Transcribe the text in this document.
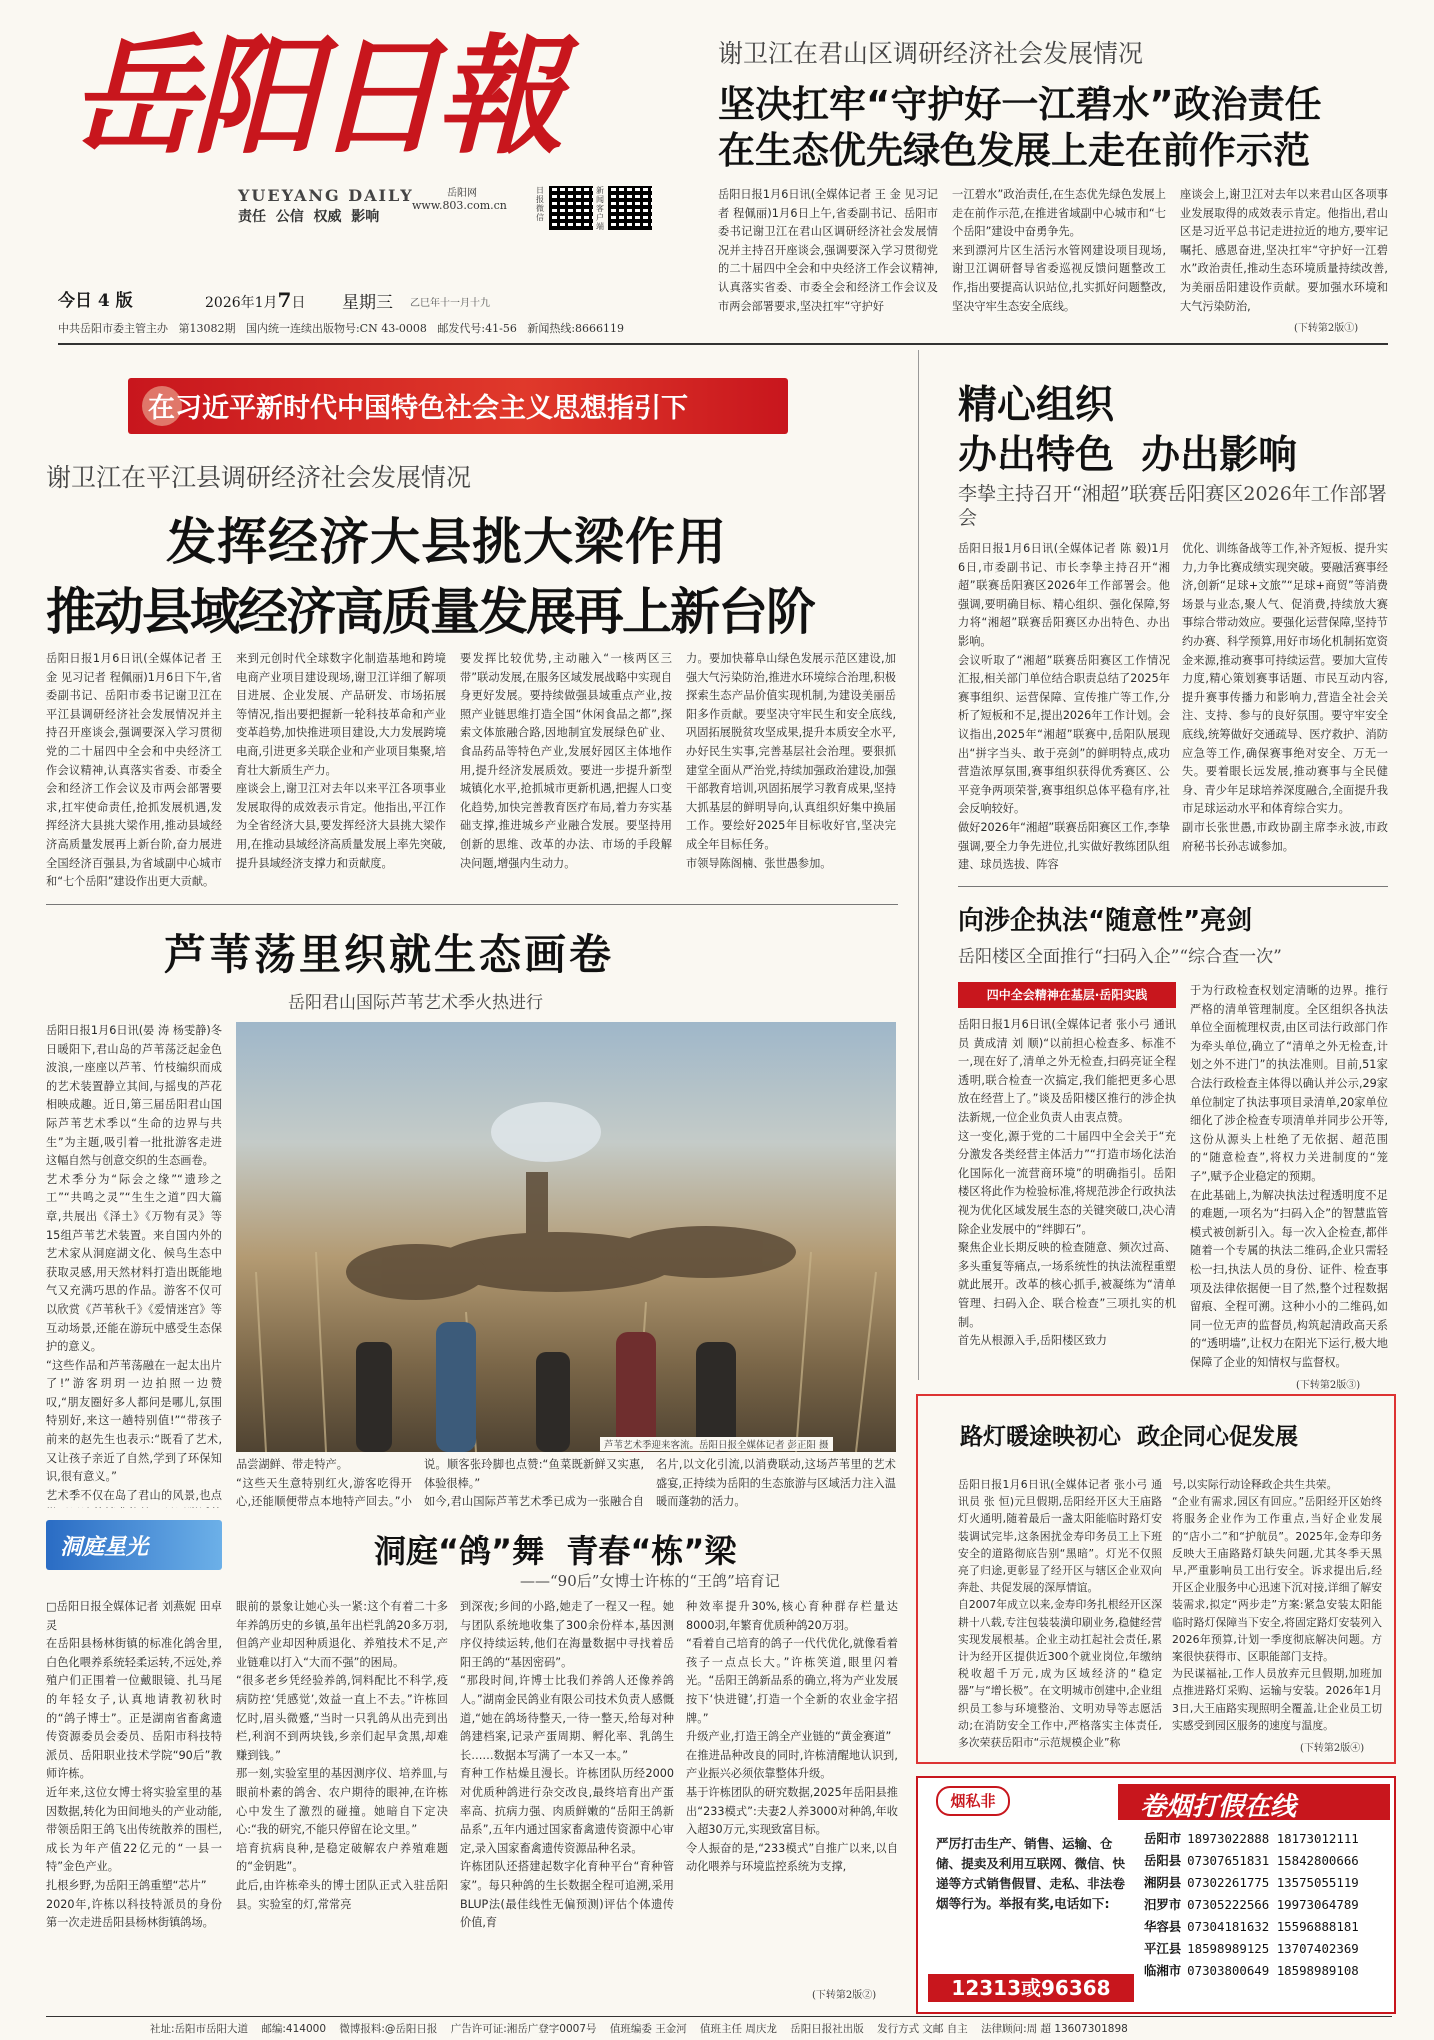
岳阳日報
YUEYANG DAILY
责任  公信  权威  影响
岳阳网
www.803.com.cn
日报微信
新闻客户端
今日 4 版	2026年1月7日 星期三 乙巳年十一月十九
中共岳阳市委主管主办   第13082期   国内统一连续出版物号:CN 43-0008   邮发代号:41-56   新闻热线:8666119
谢卫江在君山区调研经济社会发展情况
坚决扛牢“守护好一江碧水”政治责任
在生态优先绿色发展上走在前作示范
岳阳日报1月6日讯(全媒体记者 王 金 见习记者 程佩丽)1月6日上午,省委副书记、岳阳市委书记谢卫江在君山区调研经济社会发展情况并主持召开座谈会,强调要深入学习贯彻党的二十届四中全会和中央经济工作会议精神,认真落实省委、市委全会和经济工作会议及市两会部署要求,坚决扛牢“守护好
一江碧水”政治责任,在生态优先绿色发展上走在前作示范,在推进省域副中心城市和“七个岳阳”建设中奋勇争先。
来到漂河片区生活污水管网建设项目现场,谢卫江调研督导省委巡视反馈问题整改工作,指出要提高认识站位,扎实抓好问题整改,坚决守牢生态安全底线。
座谈会上,谢卫江对去年以来君山区各项事业发展取得的成效表示肯定。他指出,君山区是习近平总书记走进拉近的地方,要牢记嘱托、感恩奋进,坚决扛牢“守护好一江碧水”政治责任,推动生态环境质量持续改善,为美丽岳阳建设作贡献。要加强水环境和大气污染防治,
(下转第2版①)
在习近平新时代中国特色社会主义思想指引下
谢卫江在平江县调研经济社会发展情况
发挥经济大县挑大梁作用
推动县域经济高质量发展再上新台阶
岳阳日报1月6日讯(全媒体记者 王 金 见习记者 程佩丽)1月6日下午,省委副书记、岳阳市委书记谢卫江在平江县调研经济社会发展情况并主持召开座谈会,强调要深入学习贯彻党的二十届四中全会和中央经济工作会议精神,认真落实省委、市委全会和经济工作会议及市两会部署要求,扛牢使命责任,抢抓发展机遇,发挥经济大县挑大梁作用,推动县域经济高质量发展再上新台阶,奋力展进全国经济百强县,为省域副中心城市和“七个岳阳”建设作出更大贡献。
来到元创时代全球数字化制造基地和跨境电商产业项目建设现场,谢卫江详细了解项目进展、企业发展、产品研发、市场拓展等情况,指出要把握新一轮科技革命和产业变革趋势,加快推进项目建设,大力发展跨境电商,引进更多关联企业和产业项目集聚,培育壮大新质生产力。
座谈会上,谢卫江对去年以来平江各项事业发展取得的成效表示肯定。他指出,平江作为全省经济大县,要发挥经济大县挑大梁作用,在推动县域经济高质量发展上率先突破,提升县域经济支撑力和贡献度。
要发挥比较优势,主动融入“一核两区三带”联动发展,在服务区域发展战略中实现自身更好发展。要持续做强县域重点产业,按照产业链思维打造全国“休闲食品之都”,探索文体旅融合路,因地制宜发展绿色矿业、食品药品等特色产业,发展好园区主体地作用,提升经济发展质效。要进一步提升新型城镇化水平,抢抓城市更新机遇,把握人口变化趋势,加快完善教育医疗布局,着力夯实基础支撑,推进城乡产业融合发展。要坚持用创新的思维、改革的办法、市场的手段解决问题,增强内生动力。
力。要加快幕阜山绿色发展示范区建设,加强大气污染防治,推进水环境综合治理,积极探索生态产品价值实现机制,为建设美丽岳阳多作贡献。要坚决守牢民生和安全底线,巩固拓展脱贫攻坚成果,提升本质安全水平,办好民生实事,完善基层社会治理。要狠抓建堂全面从严治党,持续加强政治建设,加强干部教育培训,巩固拓展学习教育成果,坚持大抓基层的鲜明导向,认真组织好集中换届工作。要绘好2025年目标收好官,坚决完成全年目标任务。
市领导陈阁楠、张世愚参加。
精心组织
办出特色  办出影响
李挚主持召开“湘超”联赛岳阳赛区2026年工作部署会
岳阳日报1月6日讯(全媒体记者 陈 毅)1月6日,市委副书记、市长李挚主持召开“湘超”联赛岳阳赛区2026年工作部署会。他强调,要明确目标、精心组织、强化保障,努力将“湘超”联赛岳阳赛区办出特色、办出影响。
会议听取了“湘超”联赛岳阳赛区工作情况汇报,相关部门单位结合职责总结了2025年赛事组织、运营保障、宣传推广等工作,分析了短板和不足,提出2026年工作计划。会议指出,2025年“湘超”联赛中,岳阳队展现出“拼字当头、敢于亮剑”的鲜明特点,成功营造浓厚氛围,赛事组织获得优秀赛区、公平竞争两项荣誉,赛事组织总体平稳有序,社会反响较好。
做好2026年“湘超”联赛岳阳赛区工作,李挚强调,要全力争先进位,扎实做好教练团队组建、球员选拔、阵容
优化、训练备战等工作,补齐短板、提升实力,力争比赛成绩实现突破。要融活赛事经济,创新“足球+文旅”“足球+商贸”等消费场景与业态,聚人气、促消费,持续放大赛事综合带动效应。要强化运营保障,坚持节约办赛、科学预算,用好市场化机制拓宽资金来源,推动赛事可持续运营。要加大宣传力度,精心策划赛事话题、市民互动内容,提升赛事传播力和影响力,营造全社会关注、支持、参与的良好氛围。要守牢安全底线,统筹做好交通疏导、医疗救护、消防应急等工作,确保赛事绝对安全、万无一失。要着眼长远发展,推动赛事与全民健身、青少年足球培养深度融合,全面提升我市足球运动水平和体育综合实力。
副市长张世愚,市政协副主席李永波,市政府秘书长孙志诚参加。
向涉企执法“随意性”亮剑
岳阳楼区全面推行“扫码入企”“综合查一次”
四中全会精神在基层·岳阳实践
岳阳日报1月6日讯(全媒体记者 张小弓 通讯员 黄成清 刘 顺)“以前担心检查多、标准不一,现在好了,清单之外无检查,扫码亮证全程透明,联合检查一次搞定,我们能把更多心思放在经营上了。”谈及岳阳楼区推行的涉企执法新规,一位企业负责人由衷点赞。
这一变化,源于党的二十届四中全会关于“充分激发各类经营主体活力”“打造市场化法治化国际化一流营商环境”的明确指引。岳阳楼区将此作为检验标准,将规范涉企行政执法视为优化区域发展生态的关键突破口,决心清除企业发展中的“绊脚石”。
聚焦企业长期反映的检查随意、频次过高、多头重复等痛点,一场系统性的执法流程重塑就此展开。改革的核心抓手,被凝练为“清单管理、扫码入企、联合检查”三项扎实的机制。
首先从根源入手,岳阳楼区致力
于为行政检查权划定清晰的边界。推行严格的清单管理制度。全区组织各执法单位全面梳理权责,由区司法行政部门作为牵头单位,确立了“清单之外无检查,计划之外不进门”的执法准则。目前,51家合法行政检查主体得以确认并公示,29家单位制定了执法事项目录清单,20家单位细化了涉企检查专项清单并同步公开等,这份从源头上杜绝了无依据、超范围的“随意检查”,将权力关进制度的“笼子”,赋予企业稳定的预期。
在此基础上,为解决执法过程透明度不足的难题,一项名为“扫码入企”的智慧监管模式被创新引入。每一次入企检查,都伴随着一个专属的执法二维码,企业只需轻松一扫,执法人员的身份、证件、检查事项及法律依据便一目了然,整个过程数据留痕、全程可溯。这种小小的二维码,如同一位无声的监督员,构筑起清政高天系的“透明墙”,让权力在阳光下运行,极大地保障了企业的知情权与监督权。
(下转第2版③)
路灯暖途映初心  政企同心促发展
岳阳日报1月6日讯(全媒体记者 张小弓 通讯员 张 恒)元旦假期,岳阳经开区大王庙路灯火通明,随着最后一盏太阳能临时路灯安装调试完毕,这条困扰金寿印务员工上下班安全的道路彻底告别“黑暗”。灯光不仅照亮了归途,更彰显了经开区与辖区企业双向奔赴、共促发展的深厚情谊。
自2007年成立以来,金寿印务扎根经开区深耕十八载,专注包装装潢印刷业务,稳健经营实现发展根基。企业主动扛起社会责任,累计为经开区提供近300个就业岗位,年缴纳税收超千万元,成为区域经济的“稳定器”与“增长极”。在文明城市创建中,企业组织员工参与环境整治、文明劝导等志愿活动;在消防安全工作中,严格落实主体责任,多次荣获岳阳市“示范规模企业”称
号,以实际行动诠释政企共生共荣。
“企业有需求,园区有回应。”岳阳经开区始终将服务企业作为工作重点,当好企业发展的“店小二”和“护航员”。2025年,金寿印务反映大王庙路路灯缺失问题,尤其冬季天黑早,严重影响员工出行安全。诉求提出后,经开区企业服务中心迅速下沉对接,详细了解安装需求,拟定“两步走”方案:紧急安装太阳能临时路灯保障当下安全,将固定路灯安装列入2026年预算,计划一季度彻底解决问题。方案很快获得市、区职能部门支持。
为民谋福祉,工作人员放弃元旦假期,加班加点推进路灯采购、运输与安装。2026年1月3日,大王庙路实现照明全覆盖,让企业员工切实感受到园区服务的速度与温度。
(下转第2版④)
芦苇荡里织就生态画卷
岳阳君山国际芦苇艺术季火热进行
岳阳日报1月6日讯(晏 涛 杨雯静)冬日暖阳下,君山岛的芦苇荡泛起金色波浪,一座座以芦苇、竹枝编织而成的艺术装置静立其间,与摇曳的芦花相映成趣。近日,第三届岳阳君山国际芦苇艺术季以“生命的边界与共生”为主题,吸引着一批批游客走进这幅自然与创意交织的生态画卷。
艺术季分为“际会之缘”“遗珍之工”“共鸣之灵”“生生之道”四大篇章,共展出《泽土》《万物有灵》等15组芦苇艺术装置。来自国内外的艺术家从洞庭湖文化、候鸟生态中获取灵感,用天然材料打造出既能地气又充满巧思的作品。游客不仅可以欣赏《芦苇秋千》《爱情迷宫》等互动场景,还能在游玩中感受生态保护的意义。
“这些作品和芦苇荡融在一起太出片了!”游客玥玥一边拍照一边赞叹,“朋友圈好多人都问是哪儿,氛围特别好,来这一趟特别值!”“带孩子前来的赵先生也表示:“既看了艺术,又让孩子亲近了自然,学到了环保知识,很有意义。”
艺术季不仅在岛了君山的风景,也点
芦苇艺术季迎来客流。岳阳日报全媒体记者 彭正阳 摄
品尝湖鲜、带走特产。
“这些天生意特别红火,游客吃得开心,还能顺便带点本地特产回去。”小
说。顺客张玲脚也点赞:“鱼菜既新鲜又实惠,体验很棒。”
如今,君山国际芦苇艺术季已成为一张融合自
名片,以文化引流,以消费联动,这场芦苇里的艺术盛宴,正持续为岳阳的生态旅游与区域活力注入温暖而蓬勃的活力。
洞庭星光	洞庭“鸽”舞  青春“栋”梁
——“90后”女博士许栋的“王鸽”培育记
□岳阳日报全媒体记者 刘燕妮 田卓灵
在岳阳县杨林街镇的标准化鸽舍里,白色化喂养系统轻柔运转,不远处,养殖户们正围着一位戴眼镜、扎马尾的年轻女子,认真地请教初秋时的“鸽子博士”。正是湖南省畜禽遗传资源委员会委员、岳阳市科技特派员、岳阳职业技术学院“90后”教师许栋。
近年来,这位女博士将实验室里的基因数据,转化为田间地头的产业动能,带领岳阳王鸽飞出传统散养的围栏,成长为年产值22亿元的“一县一特”金色产业。
扎根乡野,为岳阳王鸽重塑“芯片”
2020年,许栋以科技特派员的身份第一次走进岳阳县杨林街镇鸽场。
眼前的景象让她心头一紧:这个有着二十多年养鸽历史的乡镇,虽年出栏乳鸽20多万羽,但鸽产业却因种质退化、养殖技术不足,产业链难以打入“大而不强”的困局。
“很多老乡凭经验养鸽,饲料配比不科学,疫病防控‘凭感觉’,效益一直上不去。”许栋回忆时,眉头微蹙,“当时一只乳鸽从出壳到出栏,利润不到两块钱,乡亲们起早贪黑,却难赚到钱。”
那一刻,实验室里的基因测序仪、培养皿,与眼前朴素的鸽舍、农户期待的眼神,在许栋心中发生了激烈的碰撞。她暗自下定决心:“我的研究,不能只停留在论文里。”
培育抗病良种,是稳定破解农户养殖难题的“金钥匙”。
此后,由许栋牵头的博士团队正式入驻岳阳县。实验室的灯,常常亮
到深夜;乡间的小路,她走了一程又一程。她与团队系统地收集了300余份样本,基因测序仪持续运转,他们在海量数据中寻找着岳阳王鸽的“基因密码”。
“那段时间,许博士比我们养鸽人还像养鸽人。”湖南金民鸽业有限公司技术负责人感慨道,“她在鸽场待整天,一待一整天,给每对种鸽建档案,记录产蛋周期、孵化率、乳鸽生长……数据本写满了一本又一本。”
育种工作枯燥且漫长。许栋团队历经2000对优质种鸽进行杂交改良,最终培育出产蛋率高、抗病力强、肉质鲜嫩的“岳阳王鸽新品系”,五年内通过国家畜禽遗传资源中心审定,录入国家畜禽遗传资源品种名录。
许栋团队还搭建起数字化育种平台“育种管家”。每只种鸽的生长数据全程可追溯,采用BLUP法(最佳线性无偏预测)评估个体遗传价值,育
种效率提升30%,核心育种群存栏量达8000羽,年繁育优质种鸽20万羽。
“看着自己培育的鸽子一代代优化,就像看着孩子一点点长大。”许栋笑道,眼里闪着光。“岳阳王鸽新品系的确立,将为产业发展按下‘快进键’,打造一个全新的农业金字招牌。”
升级产业,打造王鸽全产业链的“黄金赛道”
在推进品种改良的同时,许栋清醒地认识到,产业振兴必须依靠整体升级。
基于许栋团队的研究数据,2025年岳阳县推出“233模式”:夫妻2人养3000对种鸽,年收入超30万元,实现致富目标。
令人振奋的是,“233模式”自推广以来,以自动化喂养与环境监控系统为支撑,
(下转第2版②)
烟私非	卷烟打假在线
严厉打击生产、销售、运输、仓储、提卖及利用互联网、微信、快递等方式销售假冒、走私、非法卷烟等行为。举报有奖,电话如下:
12313或96368
岳阳市 18973022888 18173012111
岳阳县 07307651831 15842800666
湘阴县 07302261775 13575055119
汨罗市 07305222566 19973064789
华容县 07304181632 15596888181
平江县 18598989125 13707402369
临湘市 07303800649 18598989108
社址:岳阳市岳阳大道    邮编:414000    微博报料:@岳阳日报    广告许可证:湘岳广登字0007号    值班编委 王金河    值班主任 周庆龙    岳阳日报社出版    发行方式 文邮 自主    法律顾问:周 超 13607301898
